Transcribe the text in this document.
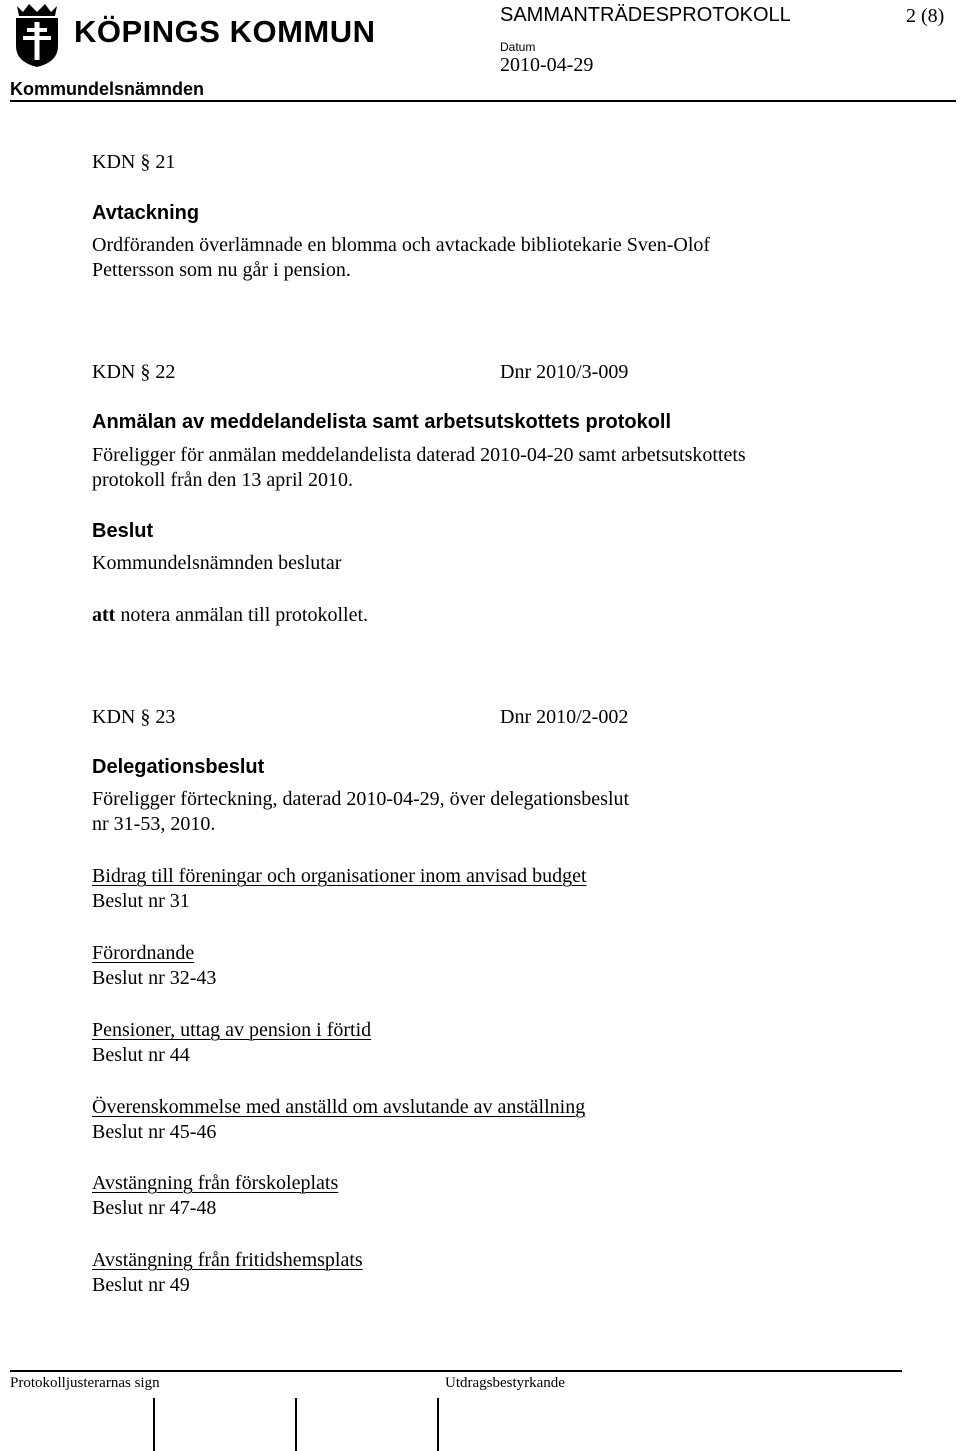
KÖPINGS KOMMUN	SAMMANTRÄDESPROTOKOLL	2 (8)
Datum
2010-04-29
Kommundelsnämnden
KDN § 21
Avtackning
Ordföranden överlämnade en blomma och avtackade bibliotekarie Sven-Olof
Pettersson som nu går i pension.
KDN § 22	Dnr 2010/3-009
Anmälan av meddelandelista samt arbetsutskottets protokoll
Föreligger för anmälan meddelandelista daterad 2010-04-20 samt arbetsutskottets
protokoll från den 13 april 2010.
Beslut
Kommundelsnämnden beslutar
att notera anmälan till protokollet.
KDN § 23	Dnr 2010/2-002
Delegationsbeslut
Föreligger förteckning, daterad 2010-04-29, över delegationsbeslut
nr 31-53, 2010.
Bidrag till föreningar och organisationer inom anvisad budget
Beslut nr 31
Förordnande
Beslut nr 32-43
Pensioner, uttag av pension i förtid
Beslut nr 44
Överenskommelse med anställd om avslutande av anställning
Beslut nr 45-46
Avstängning från förskoleplats
Beslut nr 47-48
Avstängning från fritidshemsplats
Beslut nr 49
Protokolljusterarnas sign	Utdragsbestyrkande
